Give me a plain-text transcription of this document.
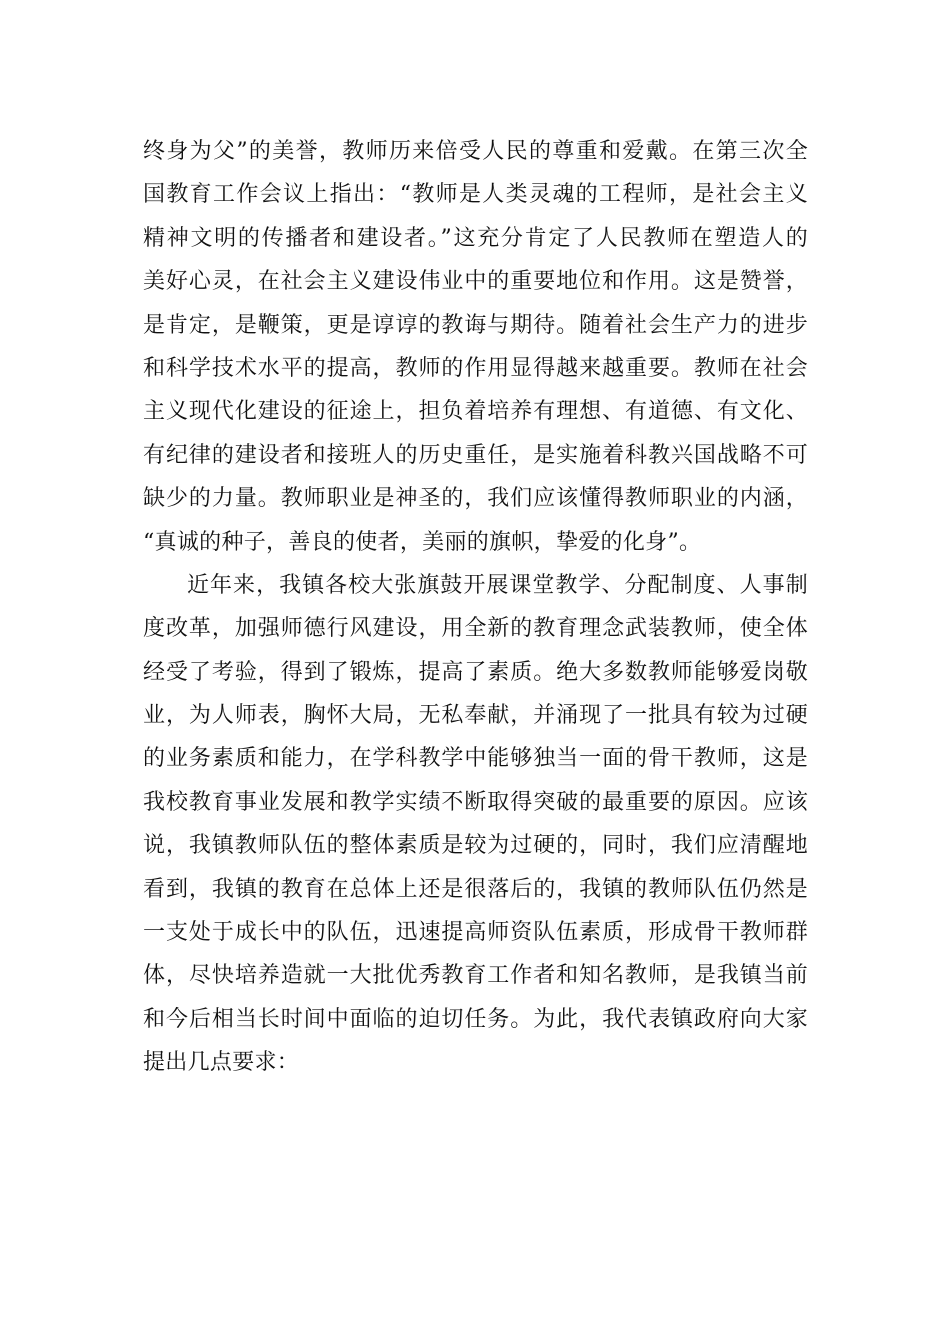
终身为父”的美誉，教师历来倍受人民的尊重和爱戴。在第三次全
国教育工作会议上指出：“教师是人类灵魂的工程师，是社会主义
精神文明的传播者和建设者。”这充分肯定了人民教师在塑造人的
美好心灵，在社会主义建设伟业中的重要地位和作用。这是赞誉，
是肯定，是鞭策，更是谆谆的教诲与期待。随着社会生产力的进步
和科学技术水平的提高，教师的作用显得越来越重要。教师在社会
主义现代化建设的征途上，担负着培养有理想、有道德、有文化、
有纪律的建设者和接班人的历史重任，是实施着科教兴国战略不可
缺少的力量。教师职业是神圣的，我们应该懂得教师职业的内涵，
“真诚的种子，善良的使者，美丽的旗帜，挚爱的化身”。
近年来，我镇各校大张旗鼓开展课堂教学、分配制度、人事制
度改革，加强师德行风建设，用全新的教育理念武装教师，使全体
经受了考验，得到了锻炼，提高了素质。绝大多数教师能够爱岗敬
业，为人师表，胸怀大局，无私奉献，并涌现了一批具有较为过硬
的业务素质和能力，在学科教学中能够独当一面的骨干教师，这是
我校教育事业发展和教学实绩不断取得突破的最重要的原因。应该
说，我镇教师队伍的整体素质是较为过硬的，同时，我们应清醒地
看到，我镇的教育在总体上还是很落后的，我镇的教师队伍仍然是
一支处于成长中的队伍，迅速提高师资队伍素质，形成骨干教师群
体，尽快培养造就一大批优秀教育工作者和知名教师，是我镇当前
和今后相当长时间中面临的迫切任务。为此，我代表镇政府向大家
提出几点要求：
